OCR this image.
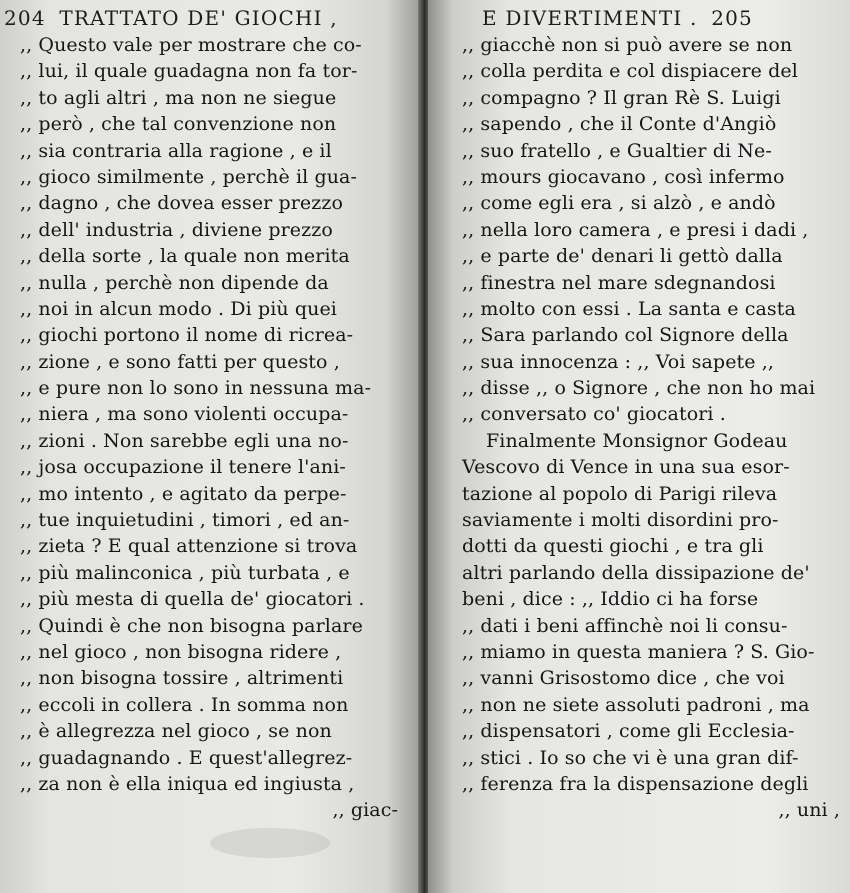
204 TRATTATO DE' GIOCHI ,
,, Questo vale per mostrare che co-
,, lui, il quale guadagna non fa tor-
,, to agli altri , ma non ne siegue
,, però , che tal convenzione non
,, sia contraria alla ragione , e il
,, gioco similmente , perchè il gua-
,, dagno , che dovea esser prezzo
,, dell' industria , diviene prezzo
,, della sorte , la quale non merita
,, nulla , perchè non dipende da
,, noi in alcun modo . Di più quei
,, giochi portono il nome di ricrea-
,, zione , e sono fatti per questo ,
,, e pure non lo sono in nessuna ma-
,, niera , ma sono violenti occupa-
,, zioni . Non sarebbe egli una no-
,, josa occupazione il tenere l'ani-
,, mo intento , e agitato da perpe-
,, tue inquietudini , timori , ed an-
,, zieta ? E qual attenzione si trova
,, più malinconica , più turbata , e
,, più mesta di quella de' giocatori .
,, Quindi è che non bisogna parlare
,, nel gioco , non bisogna ridere ,
,, non bisogna tossire , altrimenti
,, eccoli in collera . In somma non
,, è allegrezza nel gioco , se non
,, guadagnando . E quest'allegrez-
,, za non è ella iniqua ed ingiusta ,
,, giac-
E DIVERTIMENTI . 205
,, giacchè non si può avere se non
,, colla perdita e col dispiacere del
,, compagno ? Il gran Rè S. Luigi
,, sapendo , che il Conte d'Angiò
,, suo fratello , e Gualtier di Ne-
,, mours giocavano , così infermo
,, come egli era , si alzò , e andò
,, nella loro camera , e presi i dadi ,
,, e parte de' denari li gettò dalla
,, finestra nel mare sdegnandosi
,, molto con essi . La santa e casta
,, Sara parlando col Signore della
,, sua innocenza : ,, Voi sapete ,,
,, disse ,, o Signore , che non ho mai
,, conversato co' giocatori .
Finalmente Monsignor Godeau
Vescovo di Vence in una sua esor-
tazione al popolo di Parigi rileva
saviamente i molti disordini pro-
dotti da questi giochi , e tra gli
altri parlando della dissipazione de'
beni , dice : ,, Iddio ci ha forse
,, dati i beni affinchè noi li consu-
,, miamo in questa maniera ? S. Gio-
,, vanni Grisostomo dice , che voi
,, non ne siete assoluti padroni , ma
,, dispensatori , come gli Ecclesia-
,, stici . Io so che vi è una gran dif-
,, ferenza fra la dispensazione degli
,, uni ,
